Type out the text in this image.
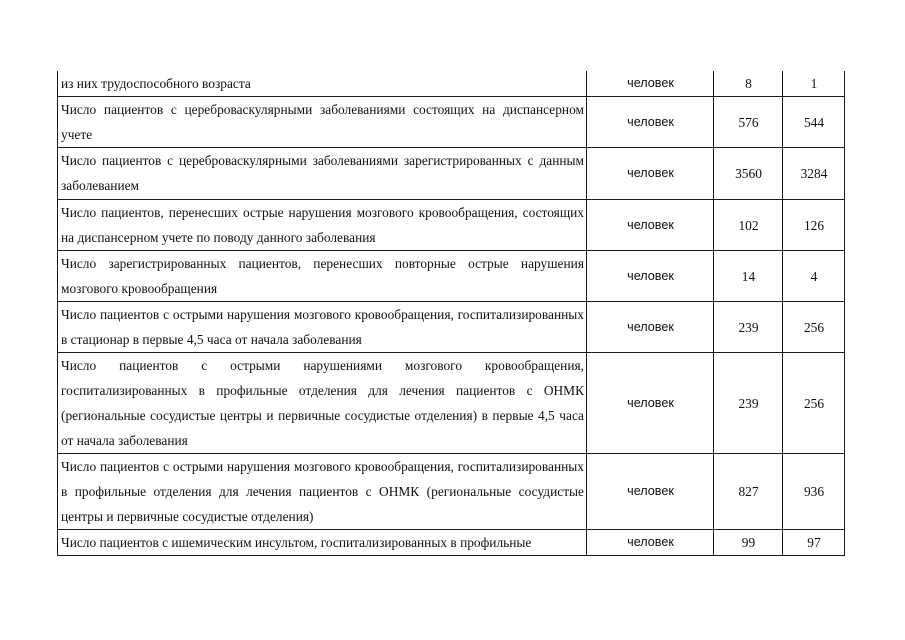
из них трудоспособного возраста	человек	8	1
Число пациентов с цереброваскулярными заболеваниями состоящих на диспансерном учете	человек	576	544
Число пациентов с цереброваскулярными заболеваниями зарегистрированных с данным заболеванием	человек	3560	3284
Число пациентов, перенесших острые нарушения мозгового кровообращения, состоящих на диспансерном учете по поводу данного заболевания	человек	102	126
Число зарегистрированных пациентов, перенесших повторные острые нарушения мозгового кровообращения	человек	14	4
Число пациентов с острыми нарушения мозгового кровообращения, госпитализированных в стационар в первые 4,5 часа от начала заболевания	человек	239	256
Число пациентов с острыми нарушениями мозгового кровообращения, госпитализированных в профильные отделения для лечения пациентов с ОНМК (региональные сосудистые центры и первичные сосудистые отделения) в первые 4,5 часа от начала заболевания	человек	239	256
Число пациентов с острыми нарушения мозгового кровообращения, госпитализированных в профильные отделения для лечения пациентов с ОНМК (региональные сосудистые центры и первичные сосудистые отделения)	человек	827	936
Число пациентов с ишемическим инсультом, госпитализированных в профильные	человек	99	97
